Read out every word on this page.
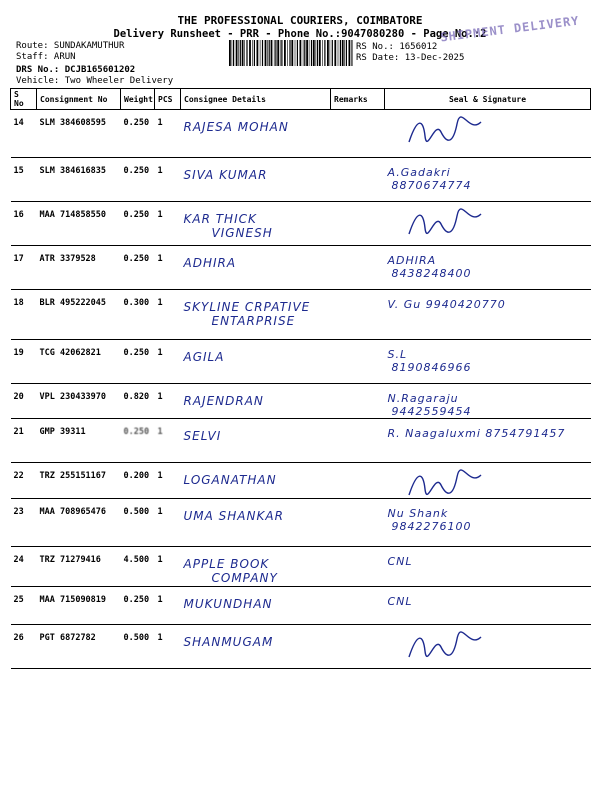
THE PROFESSIONAL COURIERS, COIMBATORE
Delivery Runsheet - PRR - Phone No.:9047080280 - Page No.:2
SHIPMENT DELIVERY
Route: SUNDAKAMUTHUR
Staff: ARUN
DRS No.: DCJB165601202
Vehicle: Two Wheeler Delivery
RS No.: 1656012
RS Date: 13-Dec-2025
S No	Consignment No	Weight	PCS	Consignee Details	Remarks	Seal & Signature
14	SLM 384608595	0.250	1	RAJESA MOHAN

15	SLM 384616835	0.250	1	SIVA KUMAR		A.Gadakri
8870674774

16	MAA 714858550	0.250	1	KAR THICK
VIGNESH

17	ATR 3379528	0.250	1	ADHIRA		ADHIRA
8438248400

18	BLR 495222045	0.300	1	SKYLINE CRPATIVE
ENTARPRISE		V. Gu 9940420770

19	TCG 42062821	0.250	1	AGILA		S.L
8190846966

20	VPL 230433970	0.820	1	RAJENDRAN		N.Ragaraju
9442559454

21	GMP 39311	0.250	1	SELVI		R. Naagaluxmi 8754791457

22	TRZ 255151167	0.200	1	LOGANATHAN

23	MAA 708965476	0.500	1	UMA SHANKAR		Nu Shank
9842276100

24	TRZ 71279416	4.500	1	APPLE BOOK
COMPANY		CNL

25	MAA 715090819	0.250	1	MUKUNDHAN		CNL

26	PGT 6872782	0.500	1	SHANMUGAM
